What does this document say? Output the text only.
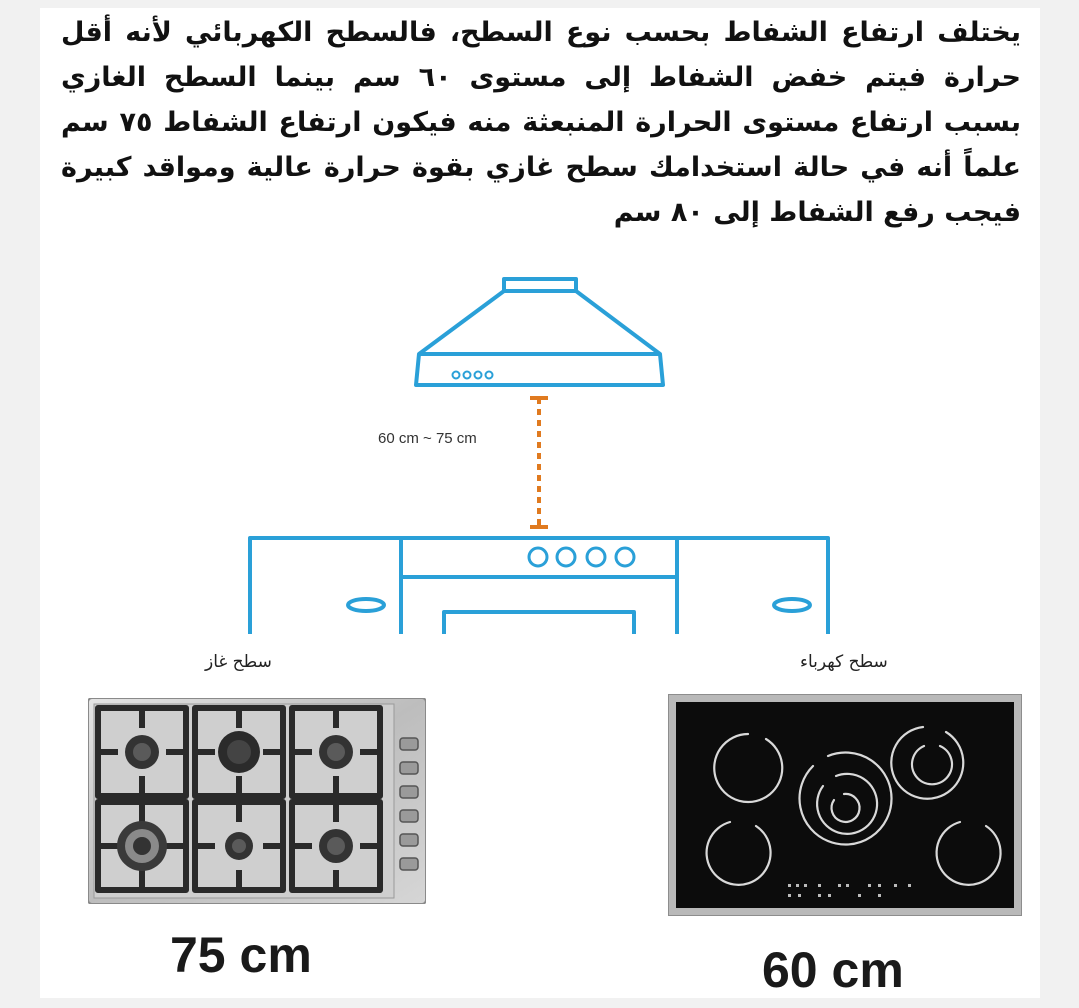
يختلف ارتفاع الشفاط بحسب نوع السطح، فالسطح الكهربائي لأنه أقل حرارة فيتم خفض الشفاط إلى مستوى ٦٠ سم بينما السطح الغازي بسبب ارتفاع مستوى الحرارة المنبعثة منه فيكون ارتفاع الشفاط ٧٥ سم علماً أنه في حالة استخدامك سطح غازي بقوة حرارة عالية ومواقد كبيرة فيجب رفع الشفاط إلى ٨٠ سم

60 cm ~ 75 cm
سطح غاز	سطح كهرباء
75 cm	60 cm
